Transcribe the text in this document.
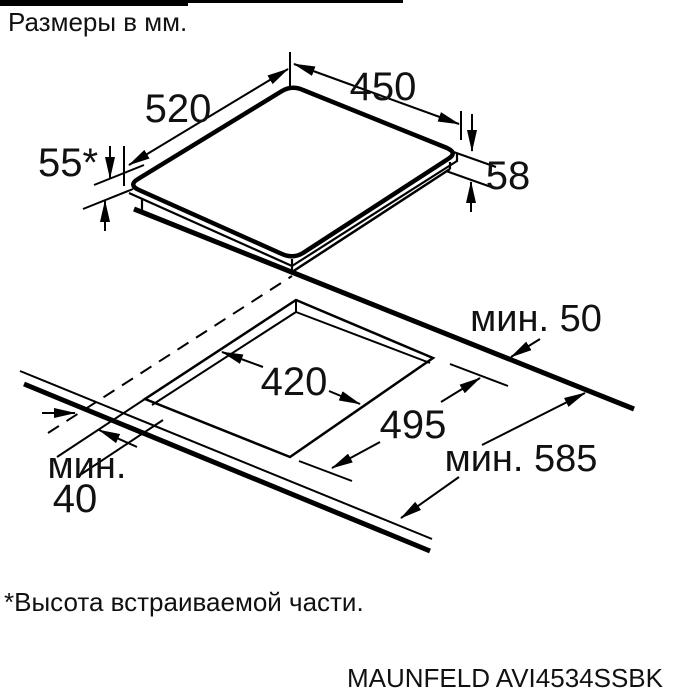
Размеры в мм.
520	450
55*	58
420
495
мин. 50
мин. 585
мин.
40
*Высота встраиваемой части.
MAUNFELD AVI4534SSBK
